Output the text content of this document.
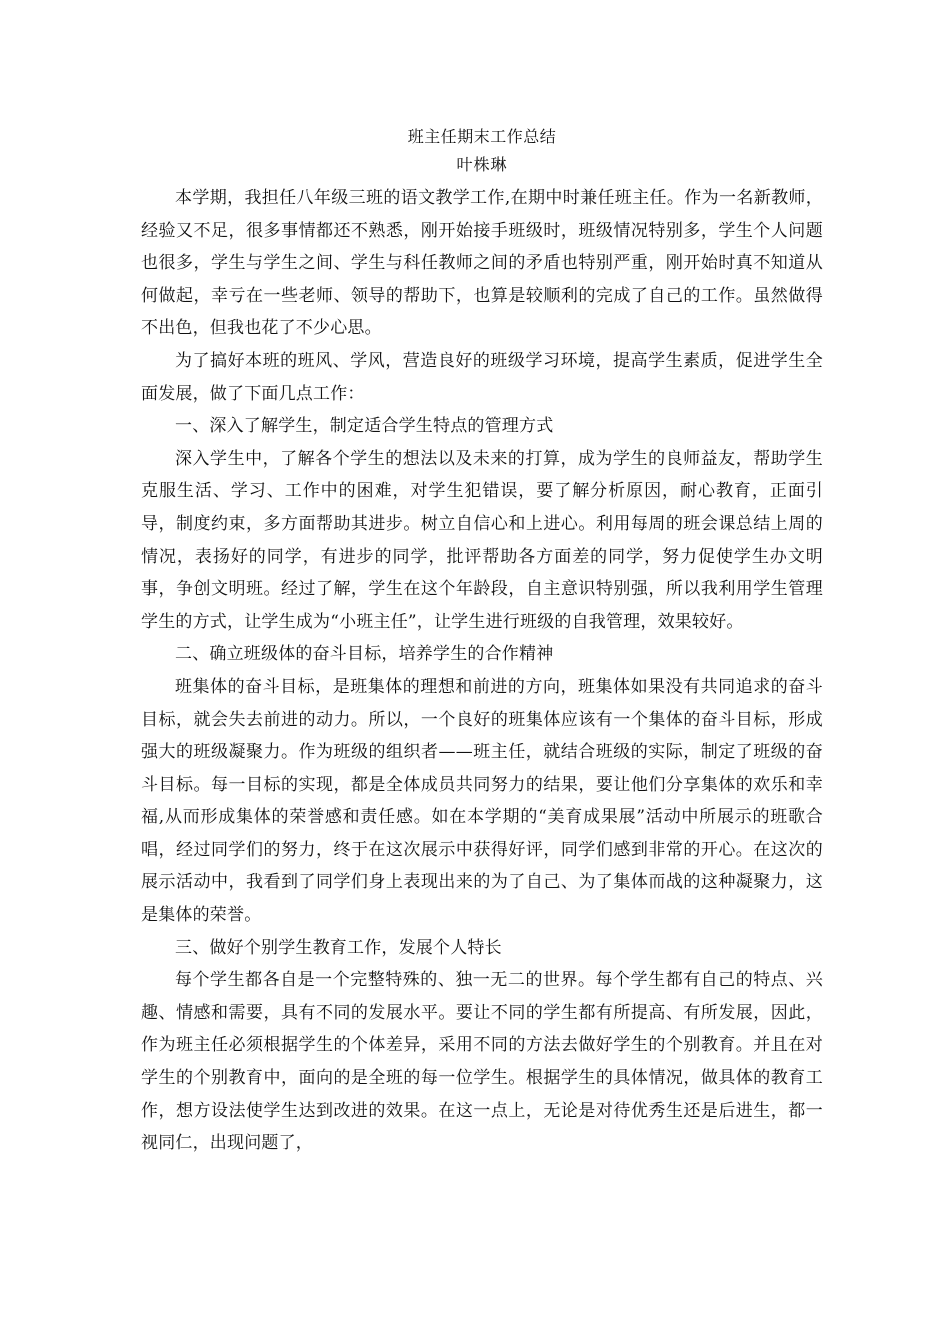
班主任期末工作总结

叶株琳

本学期，我担任八年级三班的语文教学工作,在期中时兼任班主任。作为一名新教师，经验又不足，很多事情都还不熟悉，刚开始接手班级时，班级情况特别多，学生个人问题也很多，学生与学生之间、学生与科任教师之间的矛盾也特别严重，刚开始时真不知道从何做起，幸亏在一些老师、领导的帮助下，也算是较顺利的完成了自己的工作。虽然做得不出色，但我也花了不少心思。

为了搞好本班的班风、学风，营造良好的班级学习环境，提高学生素质，促进学生全面发展，做了下面几点工作：

一、深入了解学生，制定适合学生特点的管理方式

深入学生中，了解各个学生的想法以及未来的打算，成为学生的良师益友，帮助学生克服生活、学习、工作中的困难，对学生犯错误，要了解分析原因，耐心教育，正面引导，制度约束，多方面帮助其进步。树立自信心和上进心。利用每周的班会课总结上周的情况，表扬好的同学，有进步的同学，批评帮助各方面差的同学，努力促使学生办文明事，争创文明班。经过了解，学生在这个年龄段，自主意识特别强，所以我利用学生管理学生的方式，让学生成为“小班主任”，让学生进行班级的自我管理，效果较好。

二、确立班级体的奋斗目标，培养学生的合作精神

班集体的奋斗目标，是班集体的理想和前进的方向，班集体如果没有共同追求的奋斗目标，就会失去前进的动力。所以，一个良好的班集体应该有一个集体的奋斗目标，形成强大的班级凝聚力。作为班级的组织者——班主任，就结合班级的实际，制定了班级的奋斗目标。每一目标的实现，都是全体成员共同努力的结果，要让他们分享集体的欢乐和幸福,从而形成集体的荣誉感和责任感。如在本学期的“美育成果展”活动中所展示的班歌合唱，经过同学们的努力，终于在这次展示中获得好评，同学们感到非常的开心。在这次的展示活动中，我看到了同学们身上表现出来的为了自己、为了集体而战的这种凝聚力，这是集体的荣誉。

三、做好个别学生教育工作，发展个人特长

每个学生都各自是一个完整特殊的、独一无二的世界。每个学生都有自己的特点、兴趣、情感和需要，具有不同的发展水平。要让不同的学生都有所提高、有所发展，因此，作为班主任必须根据学生的个体差异，采用不同的方法去做好学生的个别教育。并且在对学生的个别教育中，面向的是全班的每一位学生。根据学生的具体情况，做具体的教育工作，想方设法使学生达到改进的效果。在这一点上，无论是对待优秀生还是后进生，都一视同仁，出现问题了，
